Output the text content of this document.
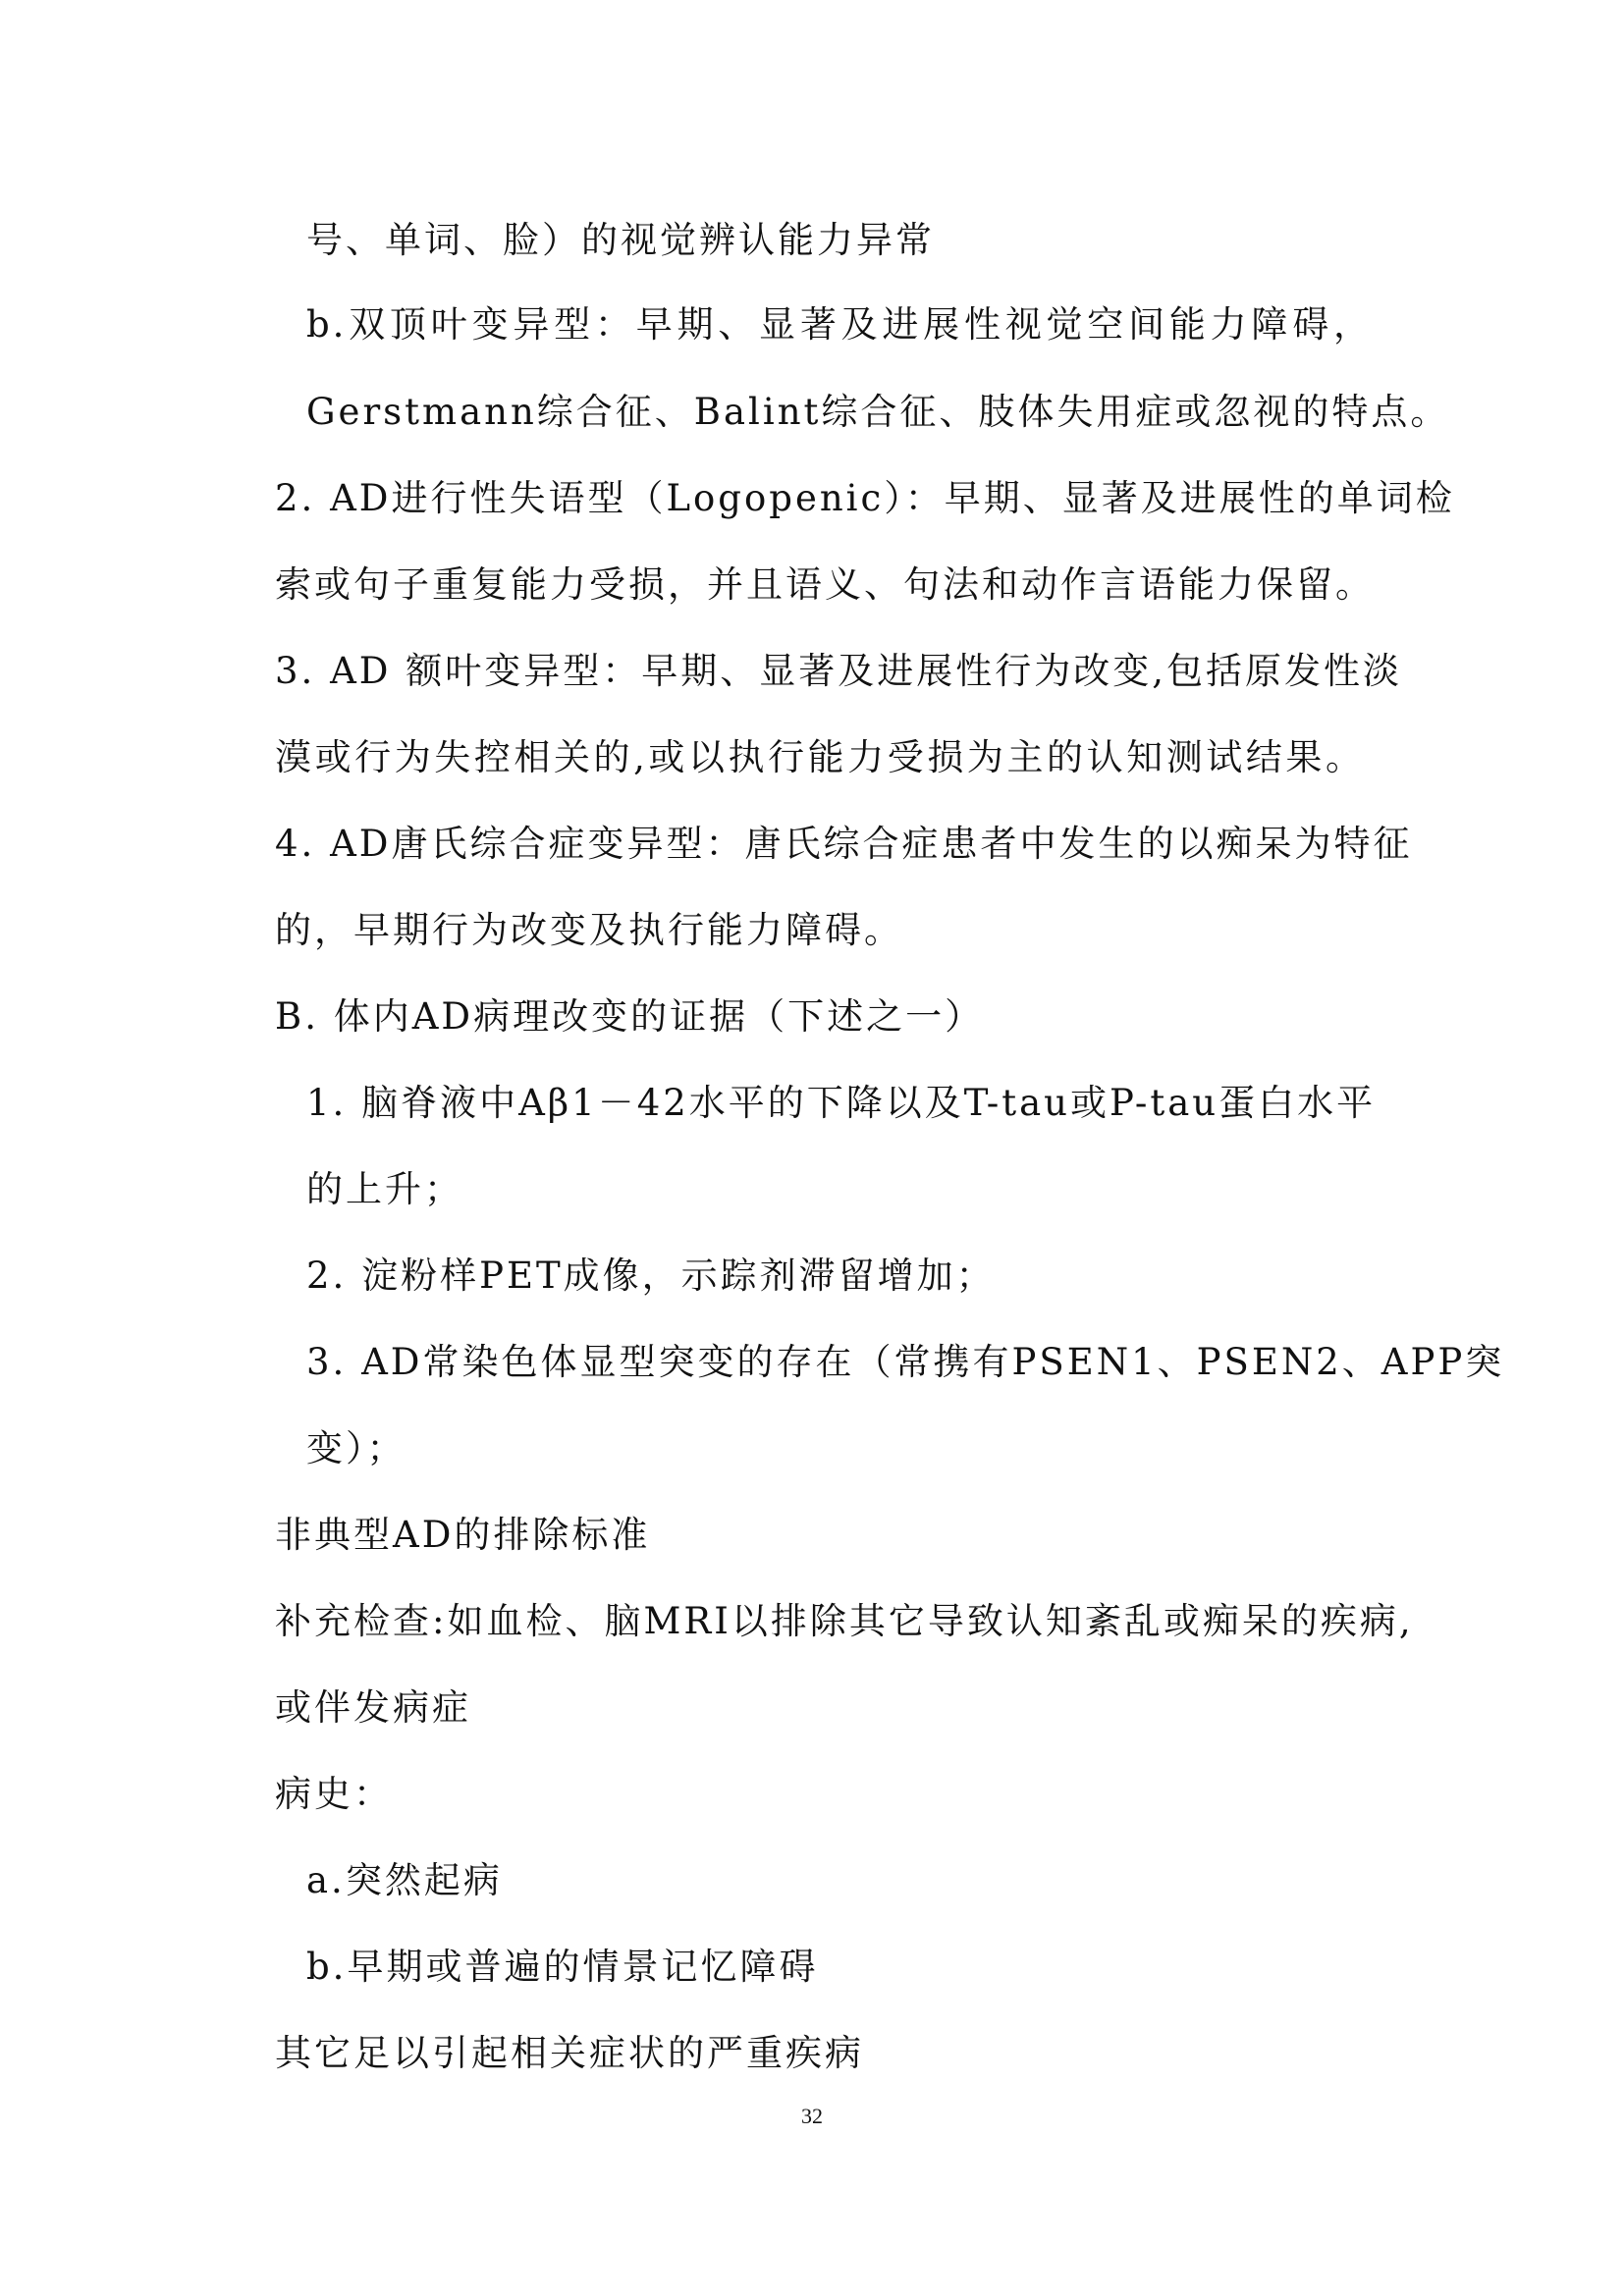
号、单词、脸）的视觉辨认能力异常
b.双顶叶变异型：早期、显著及进展性视觉空间能力障碍，
Gerstmann综合征、Balint综合征、肢体失用症或忽视的特点。
2. AD进行性失语型（Logopenic）：早期、显著及进展性的单词检
索或句子重复能力受损，并且语义、句法和动作言语能力保留。
3. AD 额叶变异型：早期、显著及进展性行为改变,包括原发性淡
漠或行为失控相关的,或以执行能力受损为主的认知测试结果。
4. AD唐氏综合症变异型：唐氏综合症患者中发生的以痴呆为特征
的，早期行为改变及执行能力障碍。
B. 体内AD病理改变的证据（下述之一）
1. 脑脊液中Aβ1－42水平的下降以及T-tau或P-tau蛋白水平
的上升；
2. 淀粉样PET成像，示踪剂滞留增加；
3. AD常染色体显型突变的存在（常携有PSEN1、PSEN2、APP突
变）；
非典型AD的排除标准
补充检查:如血检、脑MRI以排除其它导致认知紊乱或痴呆的疾病,
或伴发病症
病史：
a.突然起病
b.早期或普遍的情景记忆障碍
其它足以引起相关症状的严重疾病
32
